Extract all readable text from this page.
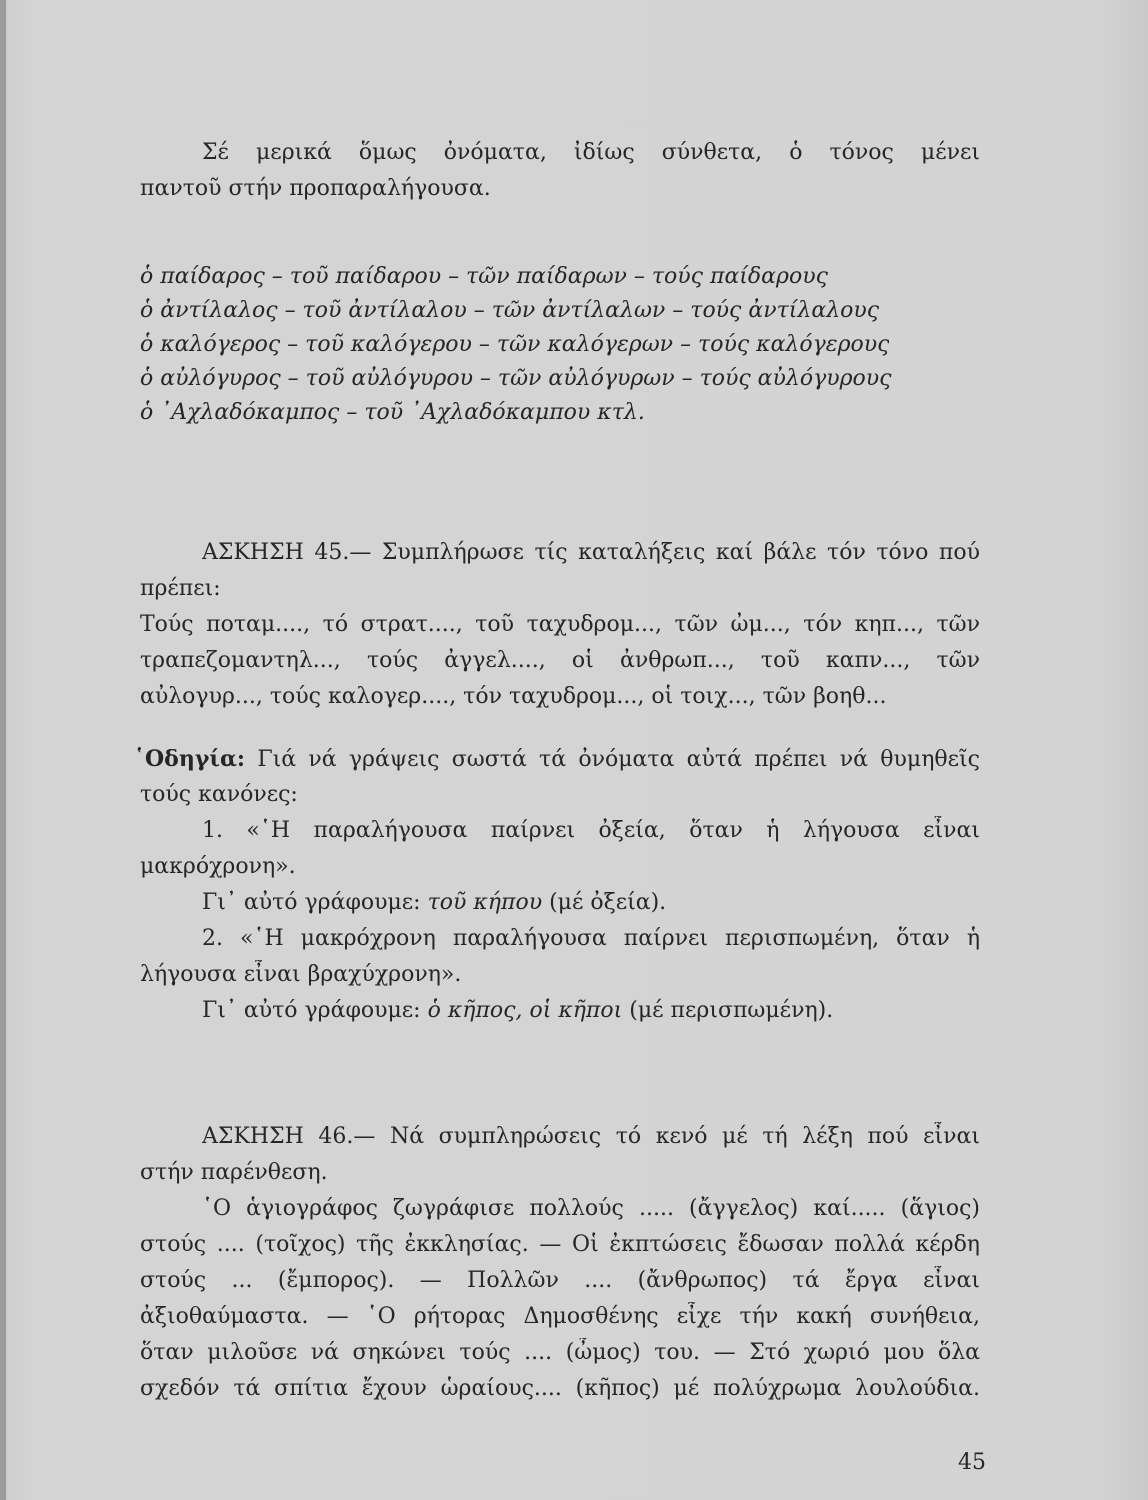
Σέ μερικά ὅμως ὀνόματα, ἰδίως σύνθετα, ὁ τόνος μένει
παντοῦ στήν προπαραλήγουσα.
ὁ παίδαρος – τοῦ παίδαρου – τῶν παίδαρων – τούς παίδαρους
ὁ ἀντίλαλος – τοῦ ἀντίλαλου – τῶν ἀντίλαλων – τούς ἀντίλαλους
ὁ καλόγερος – τοῦ καλόγερου – τῶν καλόγερων – τούς καλόγερους
ὁ αὐλόγυρος – τοῦ αὐλόγυρου – τῶν αὐλόγυρων – τούς αὐλόγυρους
ὁ ᾽Αχλαδόκαμπος – τοῦ ᾽Αχλαδόκαμπου κτλ.
ΑΣΚΗΣΗ 45.— Συμπλήρωσε τίς καταλήξεις καί βάλε τόν τόνο πού
πρέπει:
Τούς ποταμ...., τό στρατ...., τοῦ ταχυδρομ..., τῶν ὠμ..., τόν κηπ..., τῶν
τραπεζομαντηλ..., τούς ἀγγελ...., οἱ ἀνθρωπ..., τοῦ καπν..., τῶν
αὐλογυρ..., τούς καλογερ...., τόν ταχυδρομ..., οἱ τοιχ..., τῶν βοηθ...
῾Οδηγία: Γιά νά γράψεις σωστά τά ὀνόματα αὐτά πρέπει νά θυμηθεῖς
τούς κανόνες:
1. «῾Η παραλήγουσα παίρνει ὀξεία, ὅταν ἡ λήγουσα εἶναι
μακρόχρονη».
Γι᾽ αὐτό γράφουμε: τοῦ κήπου (μέ ὀξεία).
2. «῾Η μακρόχρονη παραλήγουσα παίρνει περισπωμένη, ὅταν ἡ
λήγουσα εἶναι βραχύχρονη».
Γι᾽ αὐτό γράφουμε: ὁ κῆπος, οἱ κῆποι (μέ περισπωμένη).
ΑΣΚΗΣΗ 46.— Νά συμπληρώσεις τό κενό μέ τή λέξη πού εἶναι
στήν παρένθεση.
῾Ο ἁγιογράφος ζωγράφισε πολλούς ..... (ἄγγελος) καί..... (ἅγιος)
στούς .... (τοῖχος) τῆς ἐκκλησίας. — Οἱ ἐκπτώσεις ἔδωσαν πολλά κέρδη
στούς ... (ἔμπορος). — Πολλῶν .... (ἄνθρωπος) τά ἔργα εἶναι
ἀξιοθαύμαστα. — ῾Ο ρήτορας Δημοσθένης εἶχε τήν κακή συνήθεια,
ὅταν μιλοῦσε νά σηκώνει τούς .... (ὦμος) του. — Στό χωριό μου ὅλα
σχεδόν τά σπίτια ἔχουν ὡραίους.... (κῆπος) μέ πολύχρωμα λουλούδια.
45
